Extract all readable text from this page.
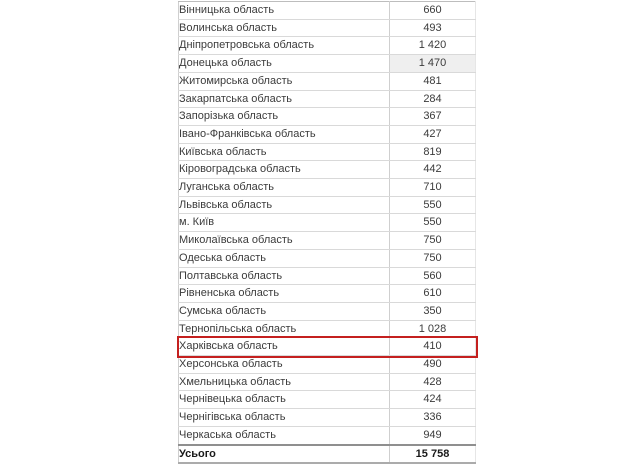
Вінницька область	660
Волинська область	493
Дніпропетровська область	1 420
Донецька область	1 470
Житомирська область	481
Закарпатська область	284
Запорізька область	367
Івано-Франківська область	427
Київська область	819
Кіровоградська область	442
Луганська область	710
Львівська область	550
м. Київ	550
Миколаївська область	750
Одеська область	750
Полтавська область	560
Рівненська область	610
Сумська область	350
Тернопільська область	1 028
Харківська область	410
Херсонська область	490
Хмельницька область	428
Чернівецька область	424
Чернігівська область	336
Черкаська область	949
Усього	15 758
